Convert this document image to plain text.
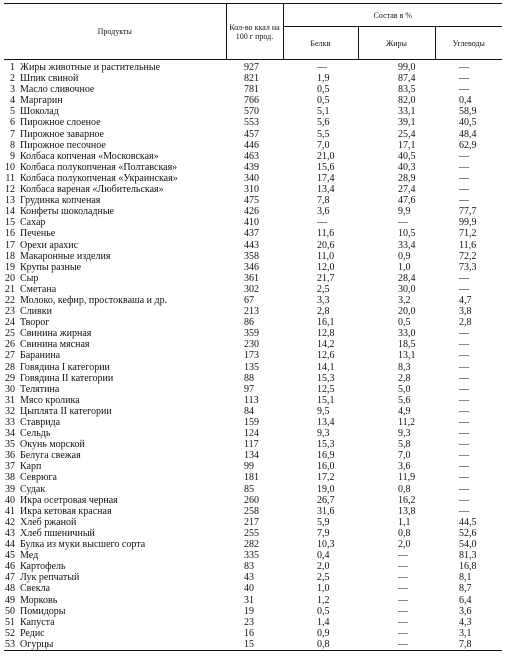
Продукты		Кол-во ккал на 100 г прод.	Состав в %		
			Белки	Жиры	Углеводы
1	Жиры животные и растительные	927	—	99,0	—
2	Шпик свиной	821	1,9	87,4	—
3	Масло сливочное	781	0,5	83,5	—
4	Маргарин	766	0,5	82,0	0,4
5	Шоколад	570	5,1	33,1	58,9
6	Пирожное слоеное	553	5,6	39,1	40,5
7	Пирожное заварное	457	5,5	25,4	48,4
8	Пирожное песочное	446	7,0	17,1	62,9
9	Колбаса копченая «Московская»	463	21,0	40,5	—
10	Колбаса полукопченая «Полтавская»	439	15,6	40,3	—
11	Колбаса полукопченая «Украинская»	340	17,4	28,9	—
12	Колбаса вареная «Любительская»	310	13,4	27,4	—
13	Грудинка копченая	475	7,8	47,6	—
14	Конфеты шоколадные	426	3,6	9,9	77,7
15	Сахар	410	—	—	99,9
16	Печенье	437	11,6	10,5	71,2
17	Орехи арахис	443	20,6	33,4	11,6
18	Макаронные изделия	358	11,0	0,9	72,2
19	Крупы разные	346	12,0	1,0	73,3
20	Сыр	361	21,7	28,4	—
21	Сметана	302	2,5	30,0	—
22	Молоко, кефир, простокваша и др.	67	3,3	3,2	4,7
23	Сливки	213	2,8	20,0	3,8
24	Творог	86	16,1	0,5	2,8
25	Свинина жирная	359	12,8	33,0	—
26	Свинина мясная	230	14,2	18,5	—
27	Баранина	173	12,6	13,1	—
28	Говядина I категории	135	14,1	8,3	—
29	Говядина II категории	88	15,3	2,8	—
30	Телятина	97	12,5	5,0	—
31	Мясо кролика	113	15,1	5,6	—
32	Цыплята II категории	84	9,5	4,9	—
33	Ставрида	159	13,4	11,2	—
34	Сельдь	124	9,3	9,3	—
35	Окунь морской	117	15,3	5,8	—
36	Белуга свежая	134	16,9	7,0	—
37	Карп	99	16,0	3,6	—
38	Севрюга	181	17,2	11,9	—
39	Судак	85	19,0	0,8	—
40	Икра осетровая черная	260	26,7	16,2	—
41	Икра кетовая красная	258	31,6	13,8	—
42	Хлеб ржаной	217	5,9	1,1	44,5
43	Хлеб пшеничный	255	7,9	0,8	52,6
44	Булка из муки высшего сорта	282	10,3	2,0	54,0
45	Мед	335	0,4	—	81,3
46	Картофель	83	2,0	—	16,8
47	Лук репчатый	43	2,5	—	8,1
48	Свекла	40	1,0	—	8,7
49	Морковь	31	1,2	—	6,4
50	Помидоры	19	0,5	—	3,6
51	Капуста	23	1,4	—	4,3
52	Редис	16	0,9	—	3,1
53	Огурцы	15	0,8	—	7,8
